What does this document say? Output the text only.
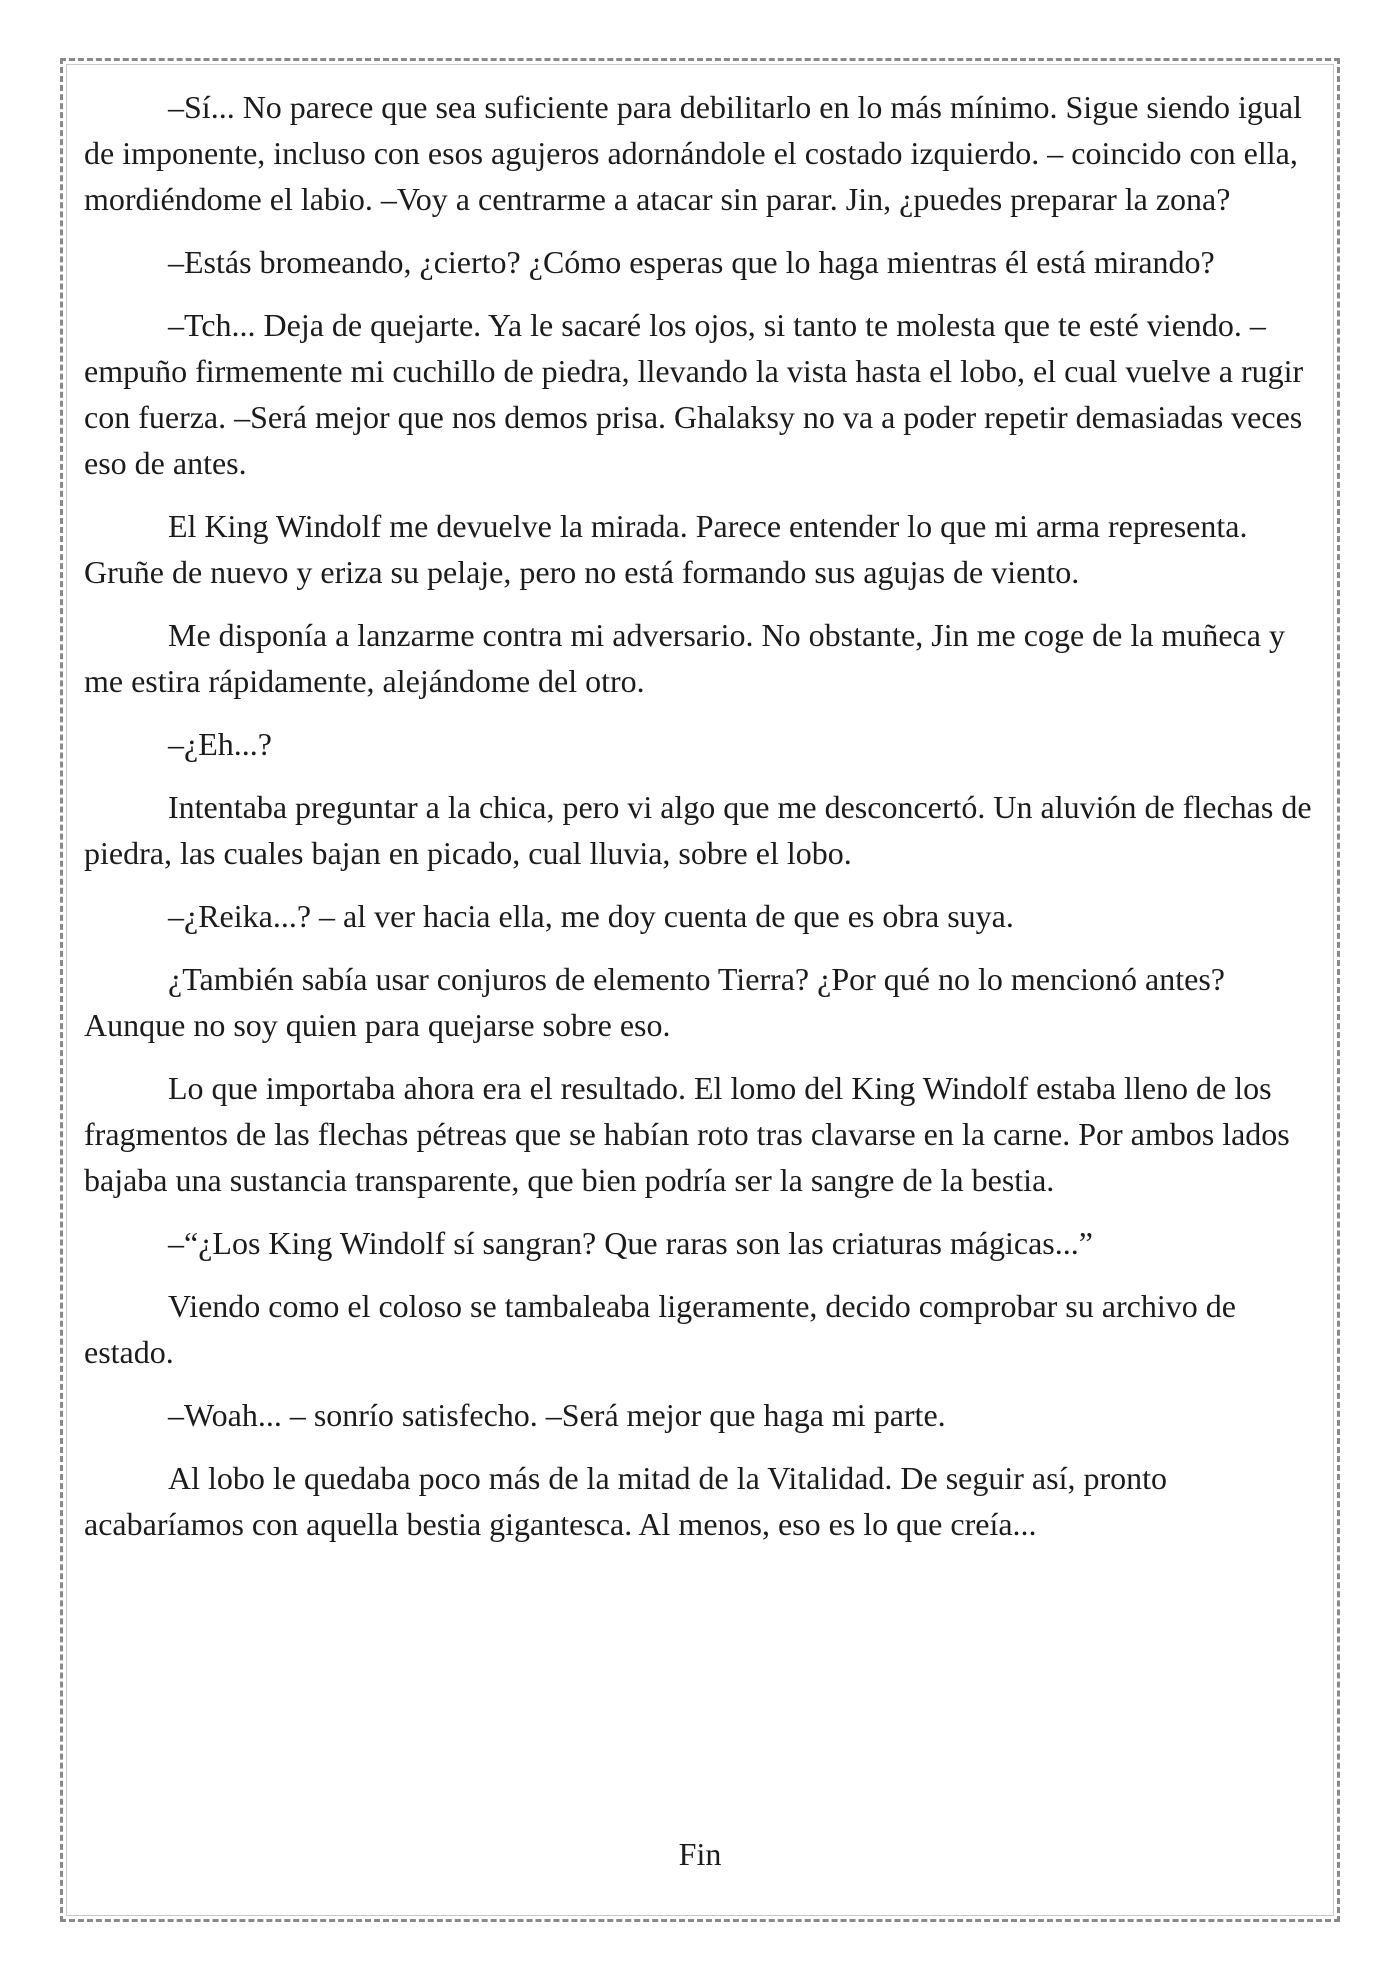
–Sí... No parece que sea suficiente para debilitarlo en lo más mínimo. Sigue siendo igual de imponente, incluso con esos agujeros adornándole el costado izquierdo. – coincido con ella, mordiéndome el labio. –Voy a centrarme a atacar sin parar. Jin, ¿puedes preparar la zona?

–Estás bromeando, ¿cierto? ¿Cómo esperas que lo haga mientras él está mirando?

–Tch... Deja de quejarte. Ya le sacaré los ojos, si tanto te molesta que te esté viendo. – empuño firmemente mi cuchillo de piedra, llevando la vista hasta el lobo, el cual vuelve a rugir con fuerza. –Será mejor que nos demos prisa. Ghalaksy no va a poder repetir demasiadas veces eso de antes.

El King Windolf me devuelve la mirada. Parece entender lo que mi arma representa. Gruñe de nuevo y eriza su pelaje, pero no está formando sus agujas de viento.

Me disponía a lanzarme contra mi adversario. No obstante, Jin me coge de la muñeca y me estira rápidamente, alejándome del otro.

–¿Eh...?

Intentaba preguntar a la chica, pero vi algo que me desconcertó. Un aluvión de flechas de piedra, las cuales bajan en picado, cual lluvia, sobre el lobo.

–¿Reika...? – al ver hacia ella, me doy cuenta de que es obra suya.

¿También sabía usar conjuros de elemento Tierra? ¿Por qué no lo mencionó antes? Aunque no soy quien para quejarse sobre eso.

Lo que importaba ahora era el resultado. El lomo del King Windolf estaba lleno de los fragmentos de las flechas pétreas que se habían roto tras clavarse en la carne. Por ambos lados bajaba una sustancia transparente, que bien podría ser la sangre de la bestia.

–“¿Los King Windolf sí sangran? Que raras son las criaturas mágicas...”

Viendo como el coloso se tambaleaba ligeramente, decido comprobar su archivo de estado.

–Woah... – sonrío satisfecho. –Será mejor que haga mi parte.

Al lobo le quedaba poco más de la mitad de la Vitalidad. De seguir así, pronto acabaríamos con aquella bestia gigantesca. Al menos, eso es lo que creía...

Fin
